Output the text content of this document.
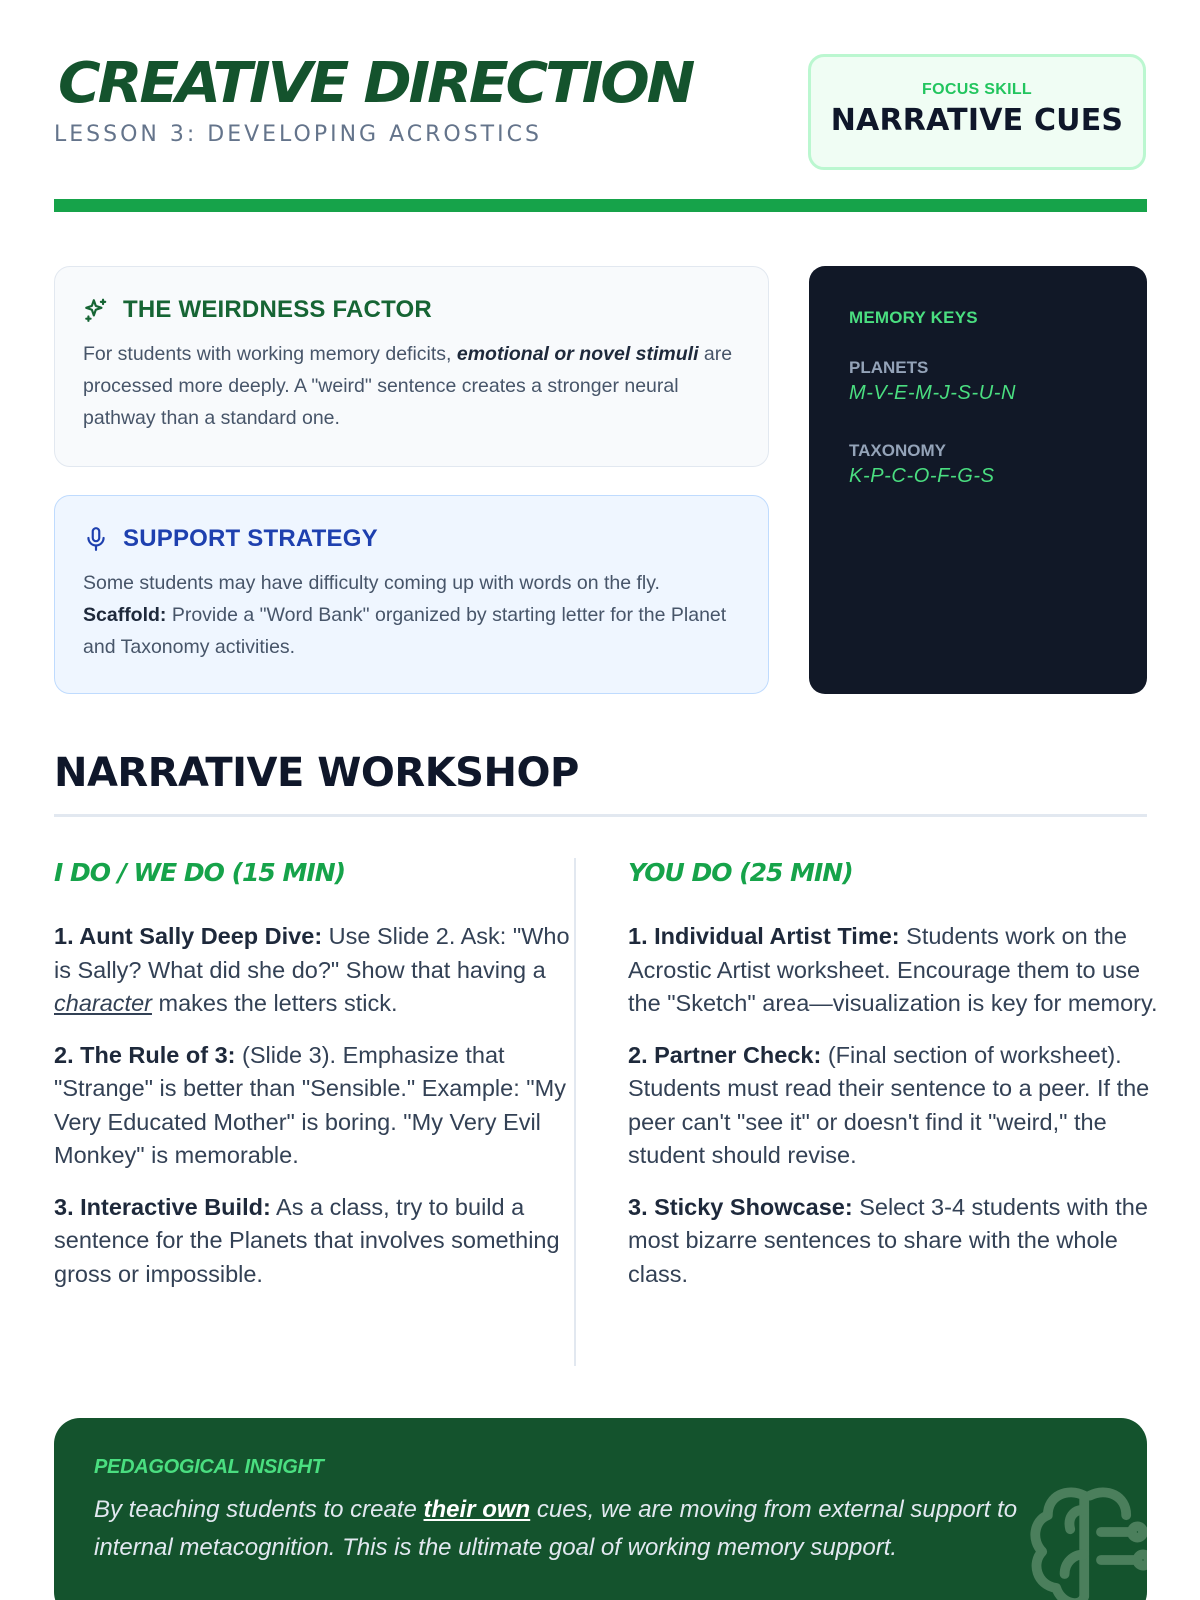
CREATIVE DIRECTION
LESSON 3: DEVELOPING ACROSTICS
FOCUS SKILL
NARRATIVE CUES
THE WEIRDNESS FACTOR

For students with working memory deficits, emotional or novel stimuli are processed more deeply. A "weird" sentence creates a stronger neural pathway than a standard one.

SUPPORT STRATEGY

Some students may have difficulty coming up with words on the fly.
Scaffold: Provide a "Word Bank" organized by starting letter for the Planet and Taxonomy activities.

MEMORY KEYS
PLANETS
M-V-E-M-J-S-U-N
TAXONOMY
K-P-C-O-F-G-S
NARRATIVE WORKSHOP
I DO / WE DO (15 MIN)

1. Aunt Sally Deep Dive: Use Slide 2. Ask: "Who is Sally? What did she do?" Show that having a character makes the letters stick.

2. The Rule of 3: (Slide 3). Emphasize that "Strange" is better than "Sensible." Example: "My Very Educated Mother" is boring. "My Very Evil Monkey" is memorable.

3. Interactive Build: As a class, try to build a sentence for the Planets that involves something gross or impossible.

YOU DO (25 MIN)

1. Individual Artist Time: Students work on the Acrostic Artist worksheet. Encourage them to use the "Sketch" area—visualization is key for memory.

2. Partner Check: (Final section of worksheet). Students must read their sentence to a peer. If the peer can't "see it" or doesn't find it "weird," the student should revise.

3. Sticky Showcase: Select 3-4 students with the most bizarre sentences to share with the whole class.

PEDAGOGICAL INSIGHT

By teaching students to create their own cues, we are moving from external support to internal metacognition. This is the ultimate goal of working memory support.
